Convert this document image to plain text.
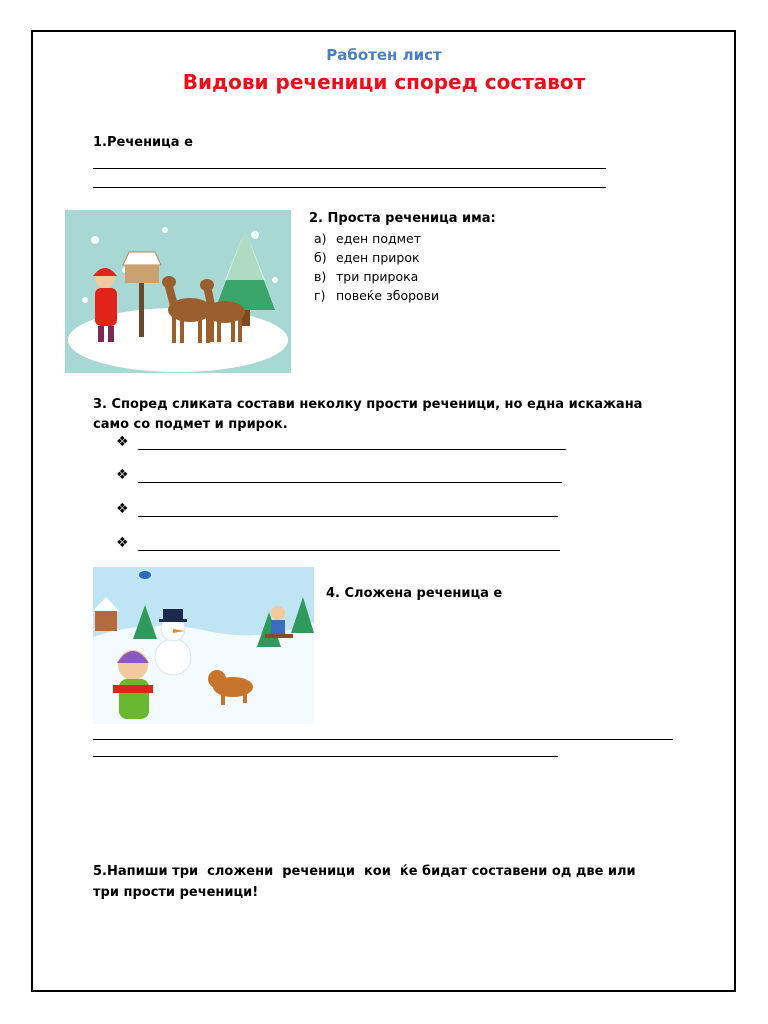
Работен лист
Видови реченици според составот
1.Реченица е
2. Проста реченица има:
а) еден подмет
б) еден прирок
в) три прирока
г) повеќе зборови
3. Според сликата состави неколку прости реченици, но една искажана
само со подмет и прирок.
❖
❖
❖
❖
4. Сложена реченица е
5.Напиши три  сложени  реченици  кои  ќе бидат составени од две или
три прости реченици!
